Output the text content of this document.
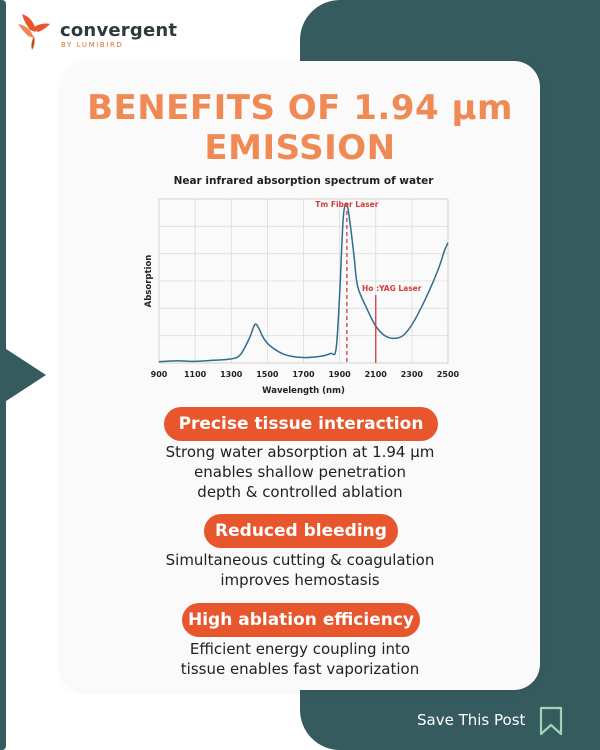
convergent
BY LUMIBIRD
BENEFITS OF 1.94 µm
EMISSION
Near infrared absorption spectrum of water
900 1100 1300 1500 1700 1900 2100 2300 2500
Wavelength (nm)
Absorption
Tm Fiber Laser
Ho :YAG Laser
Precise tissue interaction
Strong water absorption at 1.94 µm
enables shallow penetration
depth & controlled ablation
Reduced bleeding
Simultaneous cutting & coagulation
improves hemostasis
High ablation efficiency
Efficient energy coupling into
tissue enables fast vaporization
Save This Post
